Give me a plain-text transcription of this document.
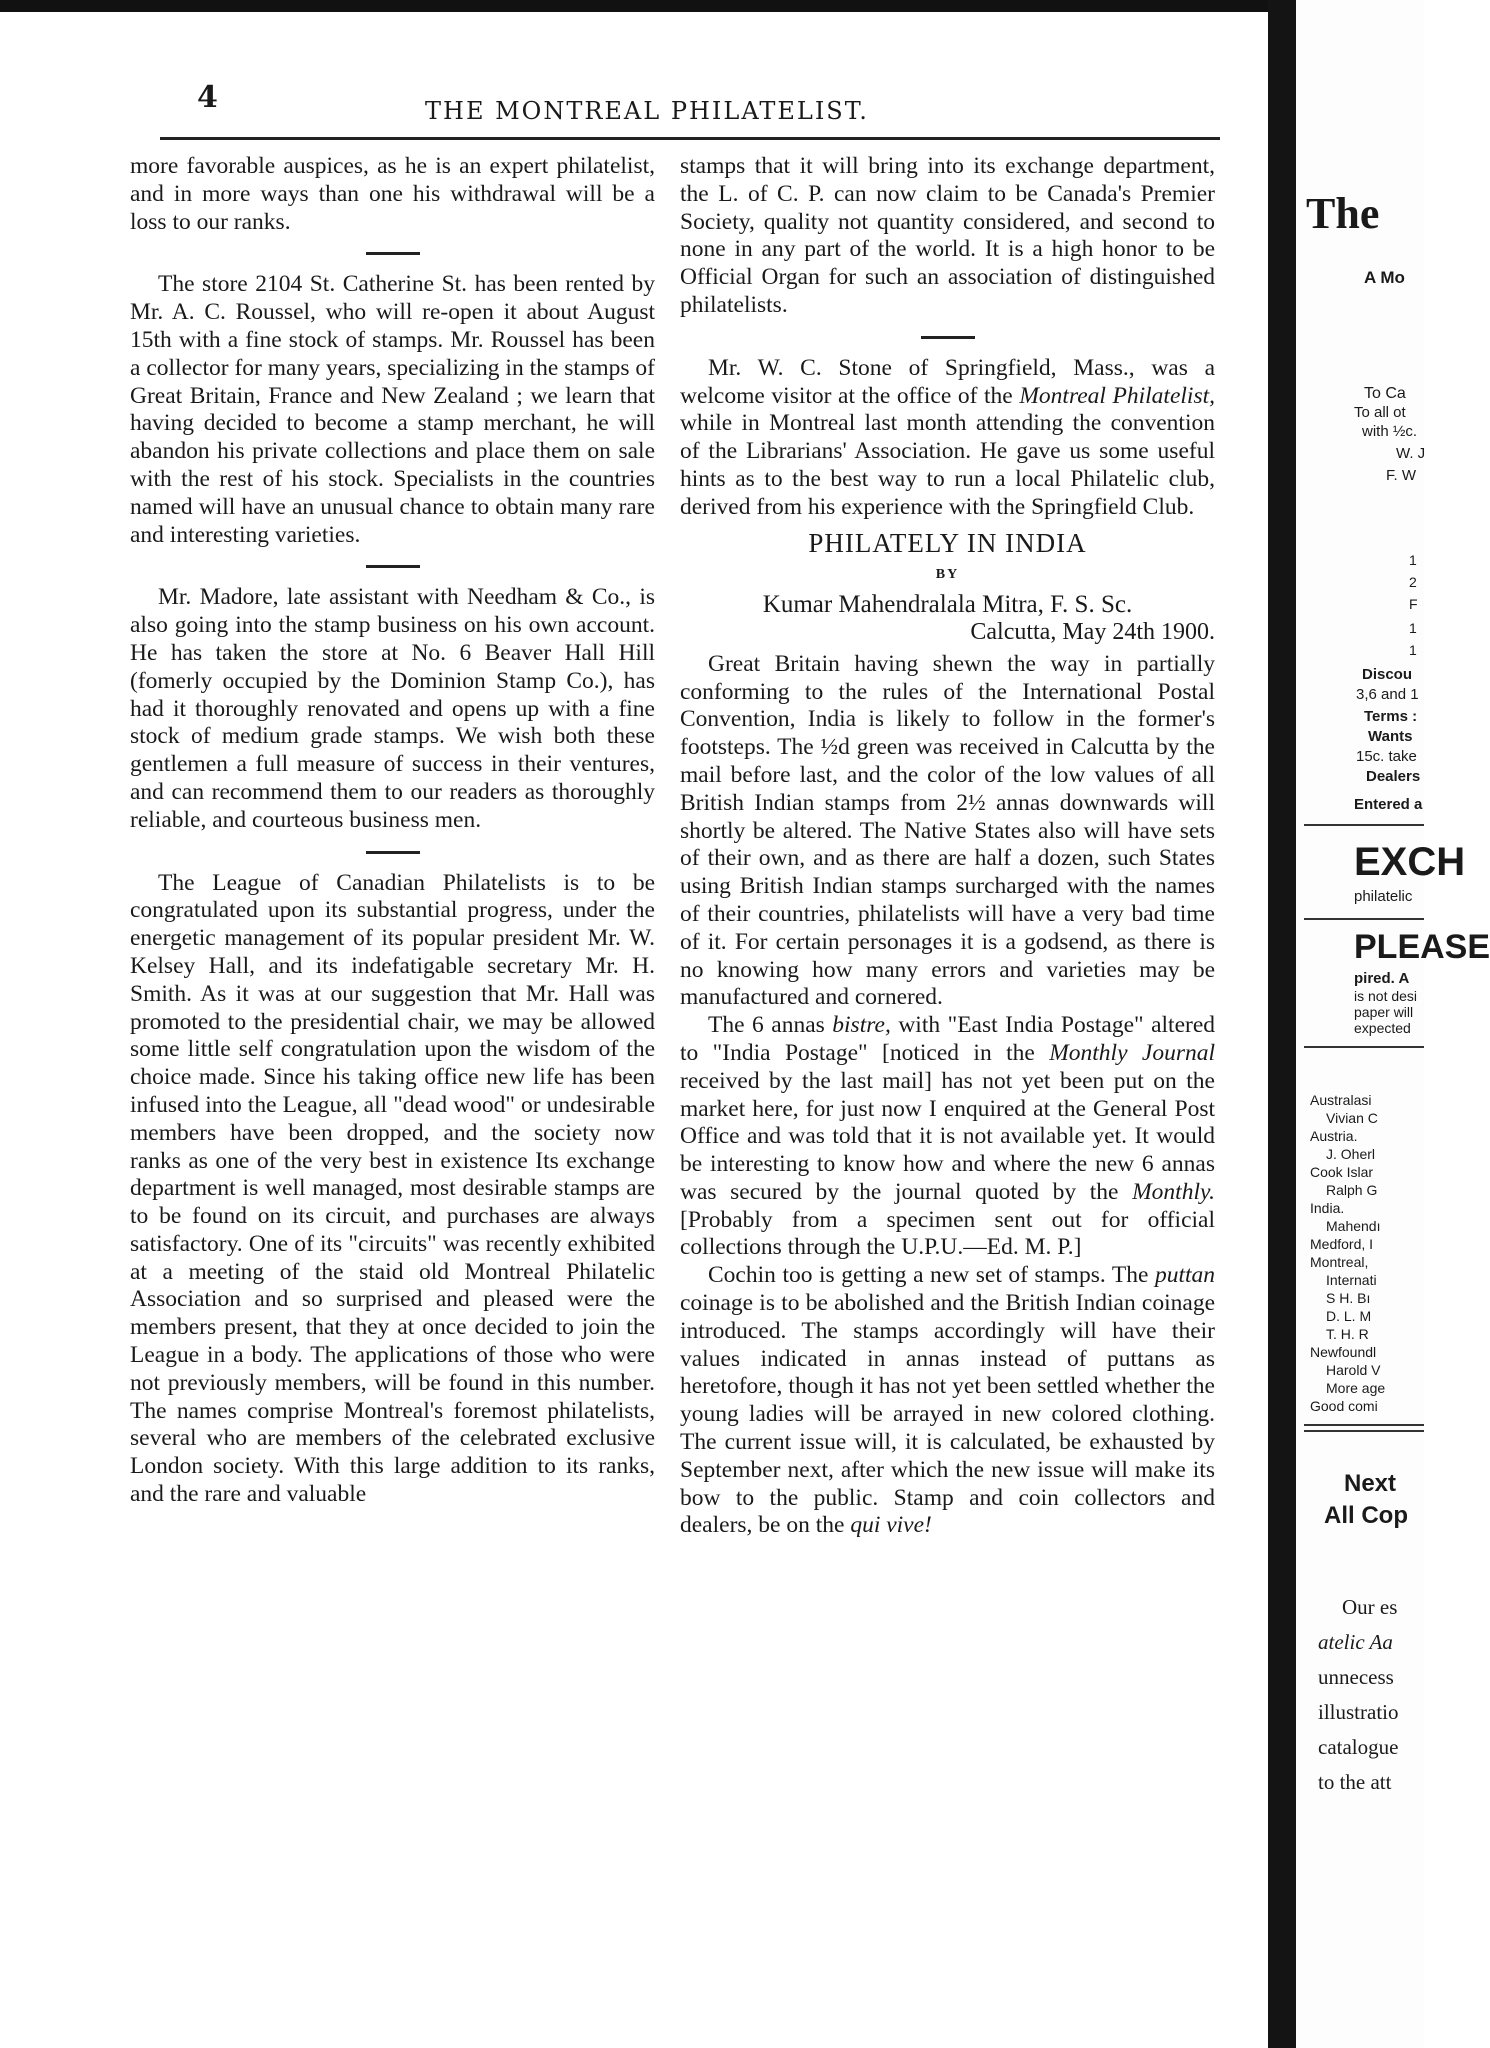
4	THE MONTREAL PHILATELIST.

more favorable auspices, as he is an expert philatelist, and in more ways than one his withdrawal will be a loss to our ranks.

The store 2104 St. Catherine St. has been rented by Mr. A. C. Roussel, who will re-open it about August 15th with a fine stock of stamps. Mr. Roussel has been a collector for many years, specializing in the stamps of Great Britain, France and New Zealand ; we learn that having decided to become a stamp merchant, he will abandon his private collections and place them on sale with the rest of his stock. Specialists in the countries named will have an unusual chance to obtain many rare and interesting varieties.

Mr. Madore, late assistant with Needham & Co., is also going into the stamp business on his own account. He has taken the store at No. 6 Beaver Hall Hill (fomerly occupied by the Dominion Stamp Co.), has had it thoroughly renovated and opens up with a fine stock of medium grade stamps. We wish both these gentlemen a full measure of success in their ventures, and can recommend them to our readers as thoroughly reliable, and courteous business men.

The League of Canadian Philatelists is to be congratulated upon its substantial progress, under the energetic management of its popular president Mr. W. Kelsey Hall, and its indefatigable secretary Mr. H. Smith. As it was at our suggestion that Mr. Hall was promoted to the presidential chair, we may be allowed some little self congratulation upon the wisdom of the choice made. Since his taking office new life has been infused into the League, all "dead wood" or undesirable members have been dropped, and the society now ranks as one of the very best in existence Its exchange department is well managed, most desirable stamps are to be found on its circuit, and purchases are always satisfactory. One of its "circuits" was recently exhibited at a meeting of the staid old Montreal Philatelic Association and so surprised and pleased were the members present, that they at once decided to join the League in a body. The applications of those who were not previously members, will be found in this number. The names comprise Montreal's foremost philatelists, several who are members of the celebrated exclusive London society. With this large addition to its ranks, and the rare and valuable

stamps that it will bring into its exchange department, the L. of C. P. can now claim to be Canada's Premier Society, quality not quantity considered, and second to none in any part of the world. It is a high honor to be Official Organ for such an association of distinguished philatelists.

Mr. W. C. Stone of Springfield, Mass., was a welcome visitor at the office of the Montreal Philatelist, while in Montreal last month attending the convention of the Librarians' Association. He gave us some useful hints as to the best way to run a local Philatelic club, derived from his experience with the Springfield Club.

PHILATELY IN INDIA
BY
Kumar Mahendralala Mitra, F. S. Sc.
Calcutta, May 24th 1900.

Great Britain having shewn the way in partially conforming to the rules of the International Postal Convention, India is likely to follow in the former's footsteps. The ½d green was received in Calcutta by the mail before last, and the color of the low values of all British Indian stamps from 2½ annas downwards will shortly be altered. The Native States also will have sets of their own, and as there are half a dozen, such States using British Indian stamps surcharged with the names of their countries, philatelists will have a very bad time of it. For certain personages it is a godsend, as there is no knowing how many errors and varieties may be manufactured and cornered.

The 6 annas bistre, with "East India Postage" altered to "India Postage" [noticed in the Monthly Journal received by the last mail] has not yet been put on the market here, for just now I enquired at the General Post Office and was told that it is not available yet. It would be interesting to know how and where the new 6 annas was secured by the journal quoted by the Monthly. [Probably from a specimen sent out for official collections through the U.P.U.—Ed. M. P.]

Cochin too is getting a new set of stamps. The puttan coinage is to be abolished and the British Indian coinage introduced. The stamps accordingly will have their values indicated in annas instead of puttans as heretofore, though it has not yet been settled whether the young ladies will be arrayed in new colored clothing. The current issue will, it is calculated, be exhausted by September next, after which the new issue will make its bow to the public. Stamp and coin collectors and dealers, be on the qui vive!

The
A Mo
To Ca
To all ot
with ½c.
W. J
F. W
1
2
F
1
1
Discou
3,6 and 1
Terms :
Wants
15c. take
Dealers
Entered a
EXCH
philatelic
PLEASE
pired. A
is not desi
paper will
expected
Australasi
Vivian C
Austria.
J. Oherl
Cook Islar
Ralph G
India.
Mahendı
Medford, I
Montreal,
Internati
S H. Bı
D. L. M
T. H. R
Newfoundl
Harold V
More age
Good comi
Next
All Cop
Our es
atelic Aa
unnecess
illustratio
catalogue
to the att
